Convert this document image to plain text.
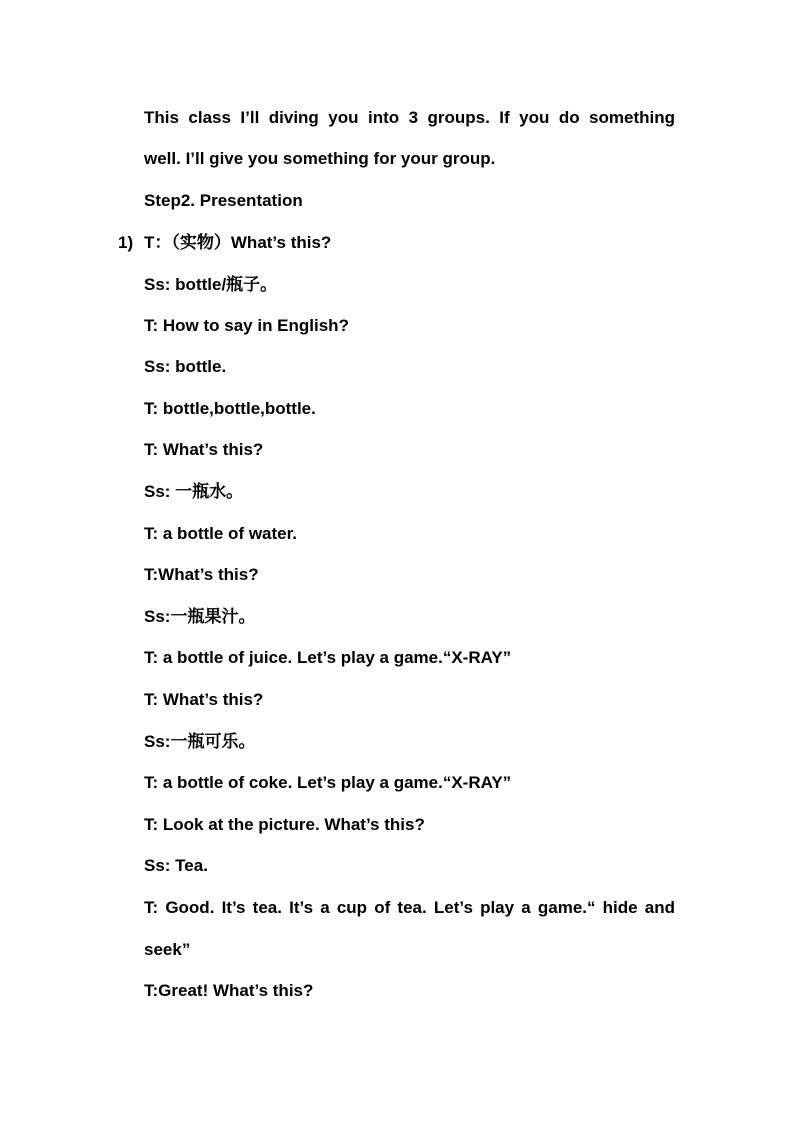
This class I’ll diving you into 3 groups. If you do something
well. I’ll give you something for your group.
Step2. Presentation
1) T：（实物）What’s this?
Ss: bottle/瓶子。
T: How to say in English?
Ss: bottle.
T: bottle,bottle,bottle.
T: What’s this?
Ss: 一瓶水。
T: a bottle of water.
T:What’s this?
Ss:一瓶果汁。
T: a bottle of juice. Let’s play a game.“X-RAY”
T: What’s this?
Ss:一瓶可乐。
T: a bottle of coke. Let’s play a game.“X-RAY”
T: Look at the picture. What’s this?
Ss: Tea.
T: Good. It’s tea. It’s a cup of tea. Let’s play a game.“ hide and
seek”
T:Great! What’s this?
